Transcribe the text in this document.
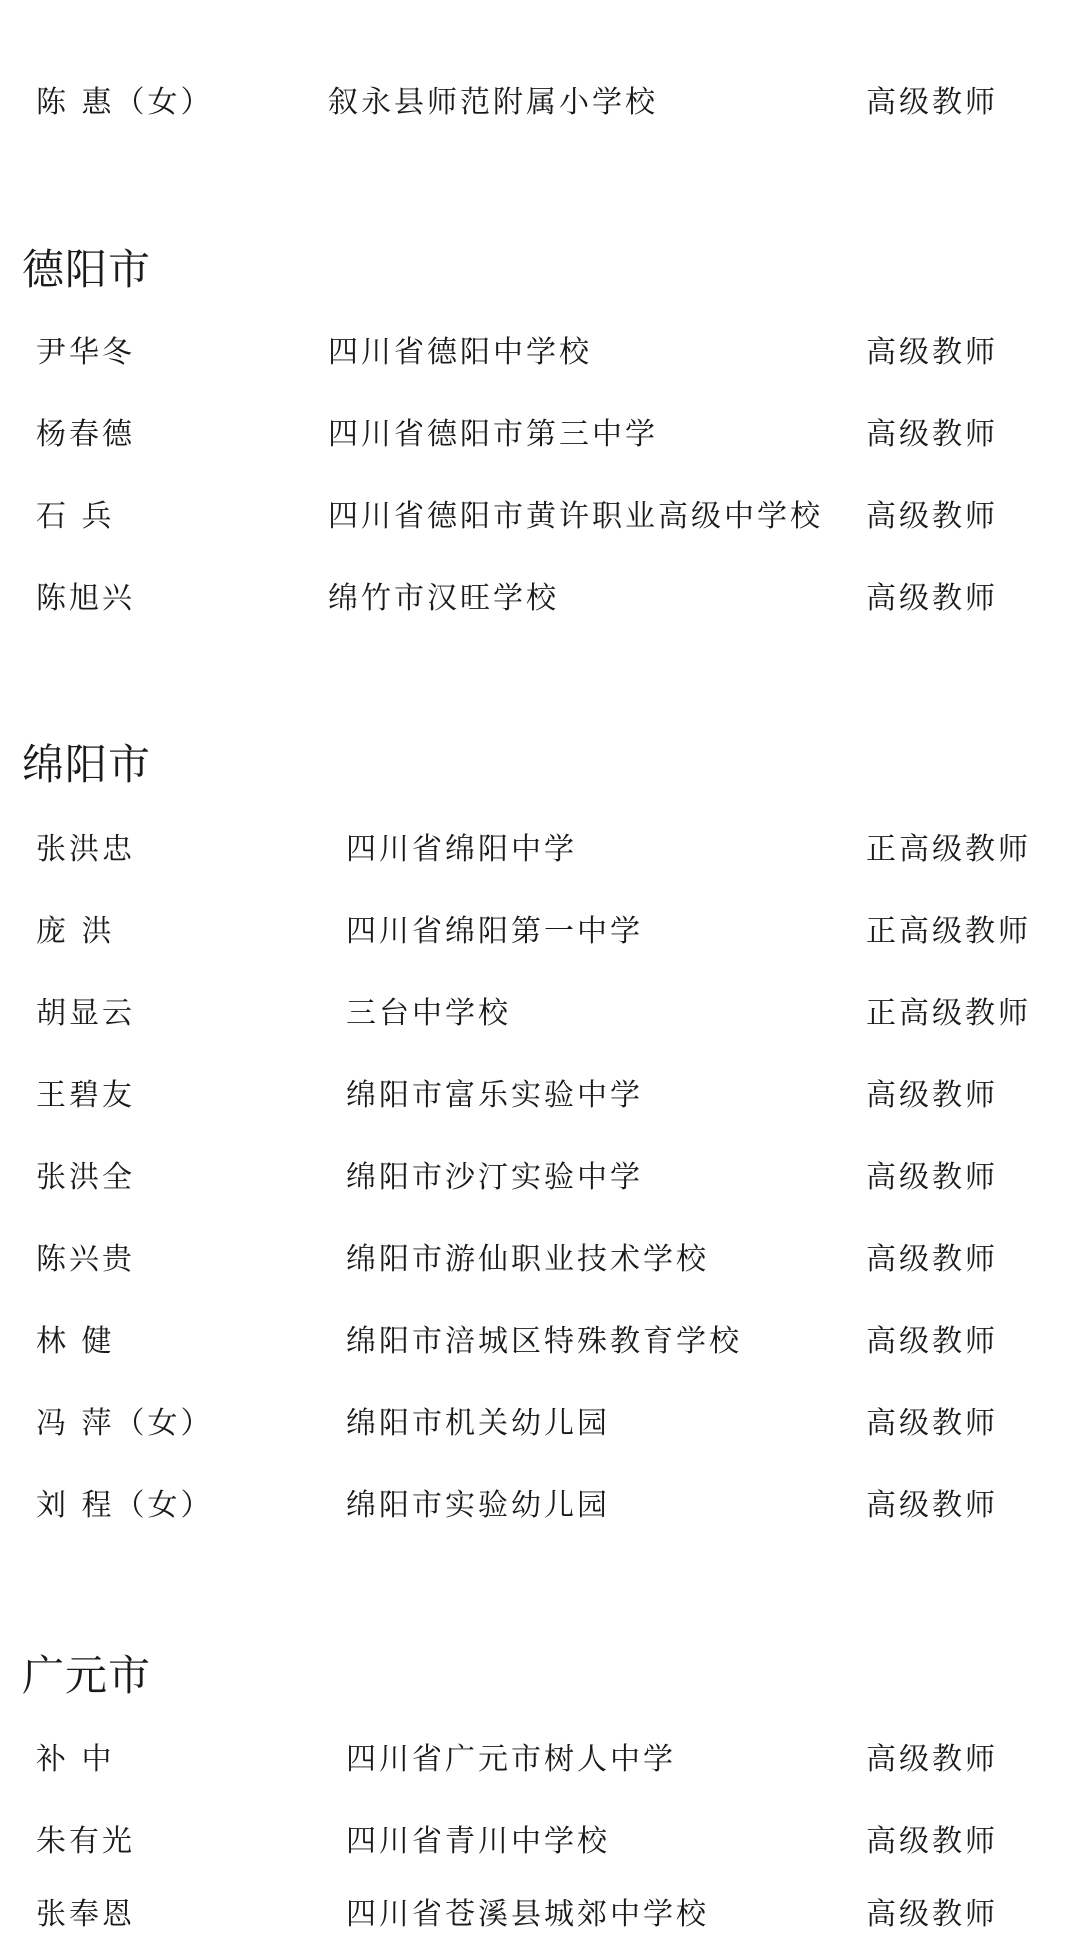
陈 惠（女）	叙永县师范附属小学校	高级教师
德阳市
尹华冬	四川省德阳中学校	高级教师
杨春德	四川省德阳市第三中学	高级教师
石 兵	四川省德阳市黄许职业高级中学校 高级教师
陈旭兴	绵竹市汉旺学校	高级教师
绵阳市
张洪忠	四川省绵阳中学	正高级教师
庞 洪	四川省绵阳第一中学	正高级教师
胡显云	三台中学校	正高级教师
王碧友	绵阳市富乐实验中学	高级教师
张洪全	绵阳市沙汀实验中学	高级教师
陈兴贵	绵阳市游仙职业技术学校	高级教师
林 健	绵阳市涪城区特殊教育学校	高级教师
冯 萍（女）	绵阳市机关幼儿园	高级教师
刘 程（女）	绵阳市实验幼儿园	高级教师
广元市
补 中	四川省广元市树人中学	高级教师
朱有光	四川省青川中学校	高级教师
张奉恩	四川省苍溪县城郊中学校	高级教师
